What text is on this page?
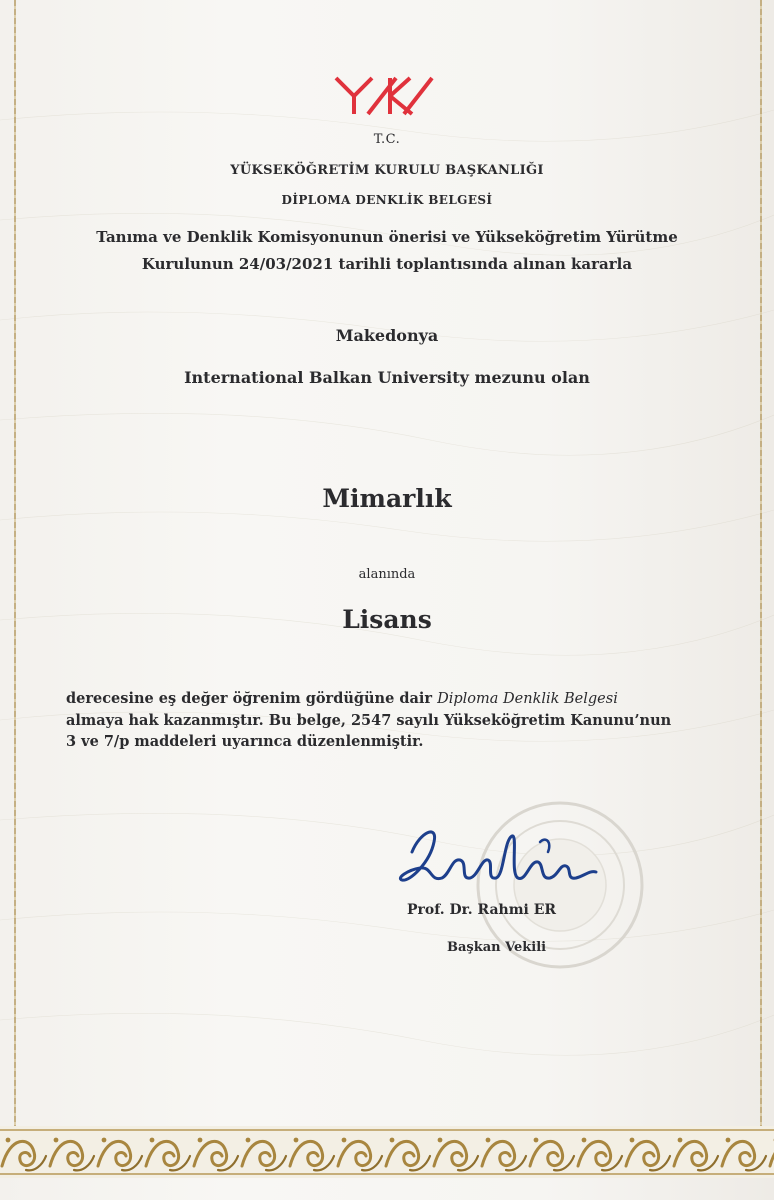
T.C.
YÜKSEKÖĞRETİM KURULU BAŞKANLIĞI
DİPLOMA DENKLİK BELGESİ
Tanıma ve Denklik Komisyonunun önerisi ve Yükseköğretim Yürütme
Kurulunun 24/03/2021 tarihli toplantısında alınan kararla
Makedonya
International Balkan University mezunu olan
Mimarlık
alanında
Lisans
derecesine eş değer öğrenim gördüğüne dair Diploma Denklik Belgesi
almaya hak kazanmıştır. Bu belge, 2547 sayılı Yükseköğretim Kanunu’nun
3 ve 7/p maddeleri uyarınca düzenlenmiştir.
Prof. Dr. Rahmi ER
Başkan Vekili
